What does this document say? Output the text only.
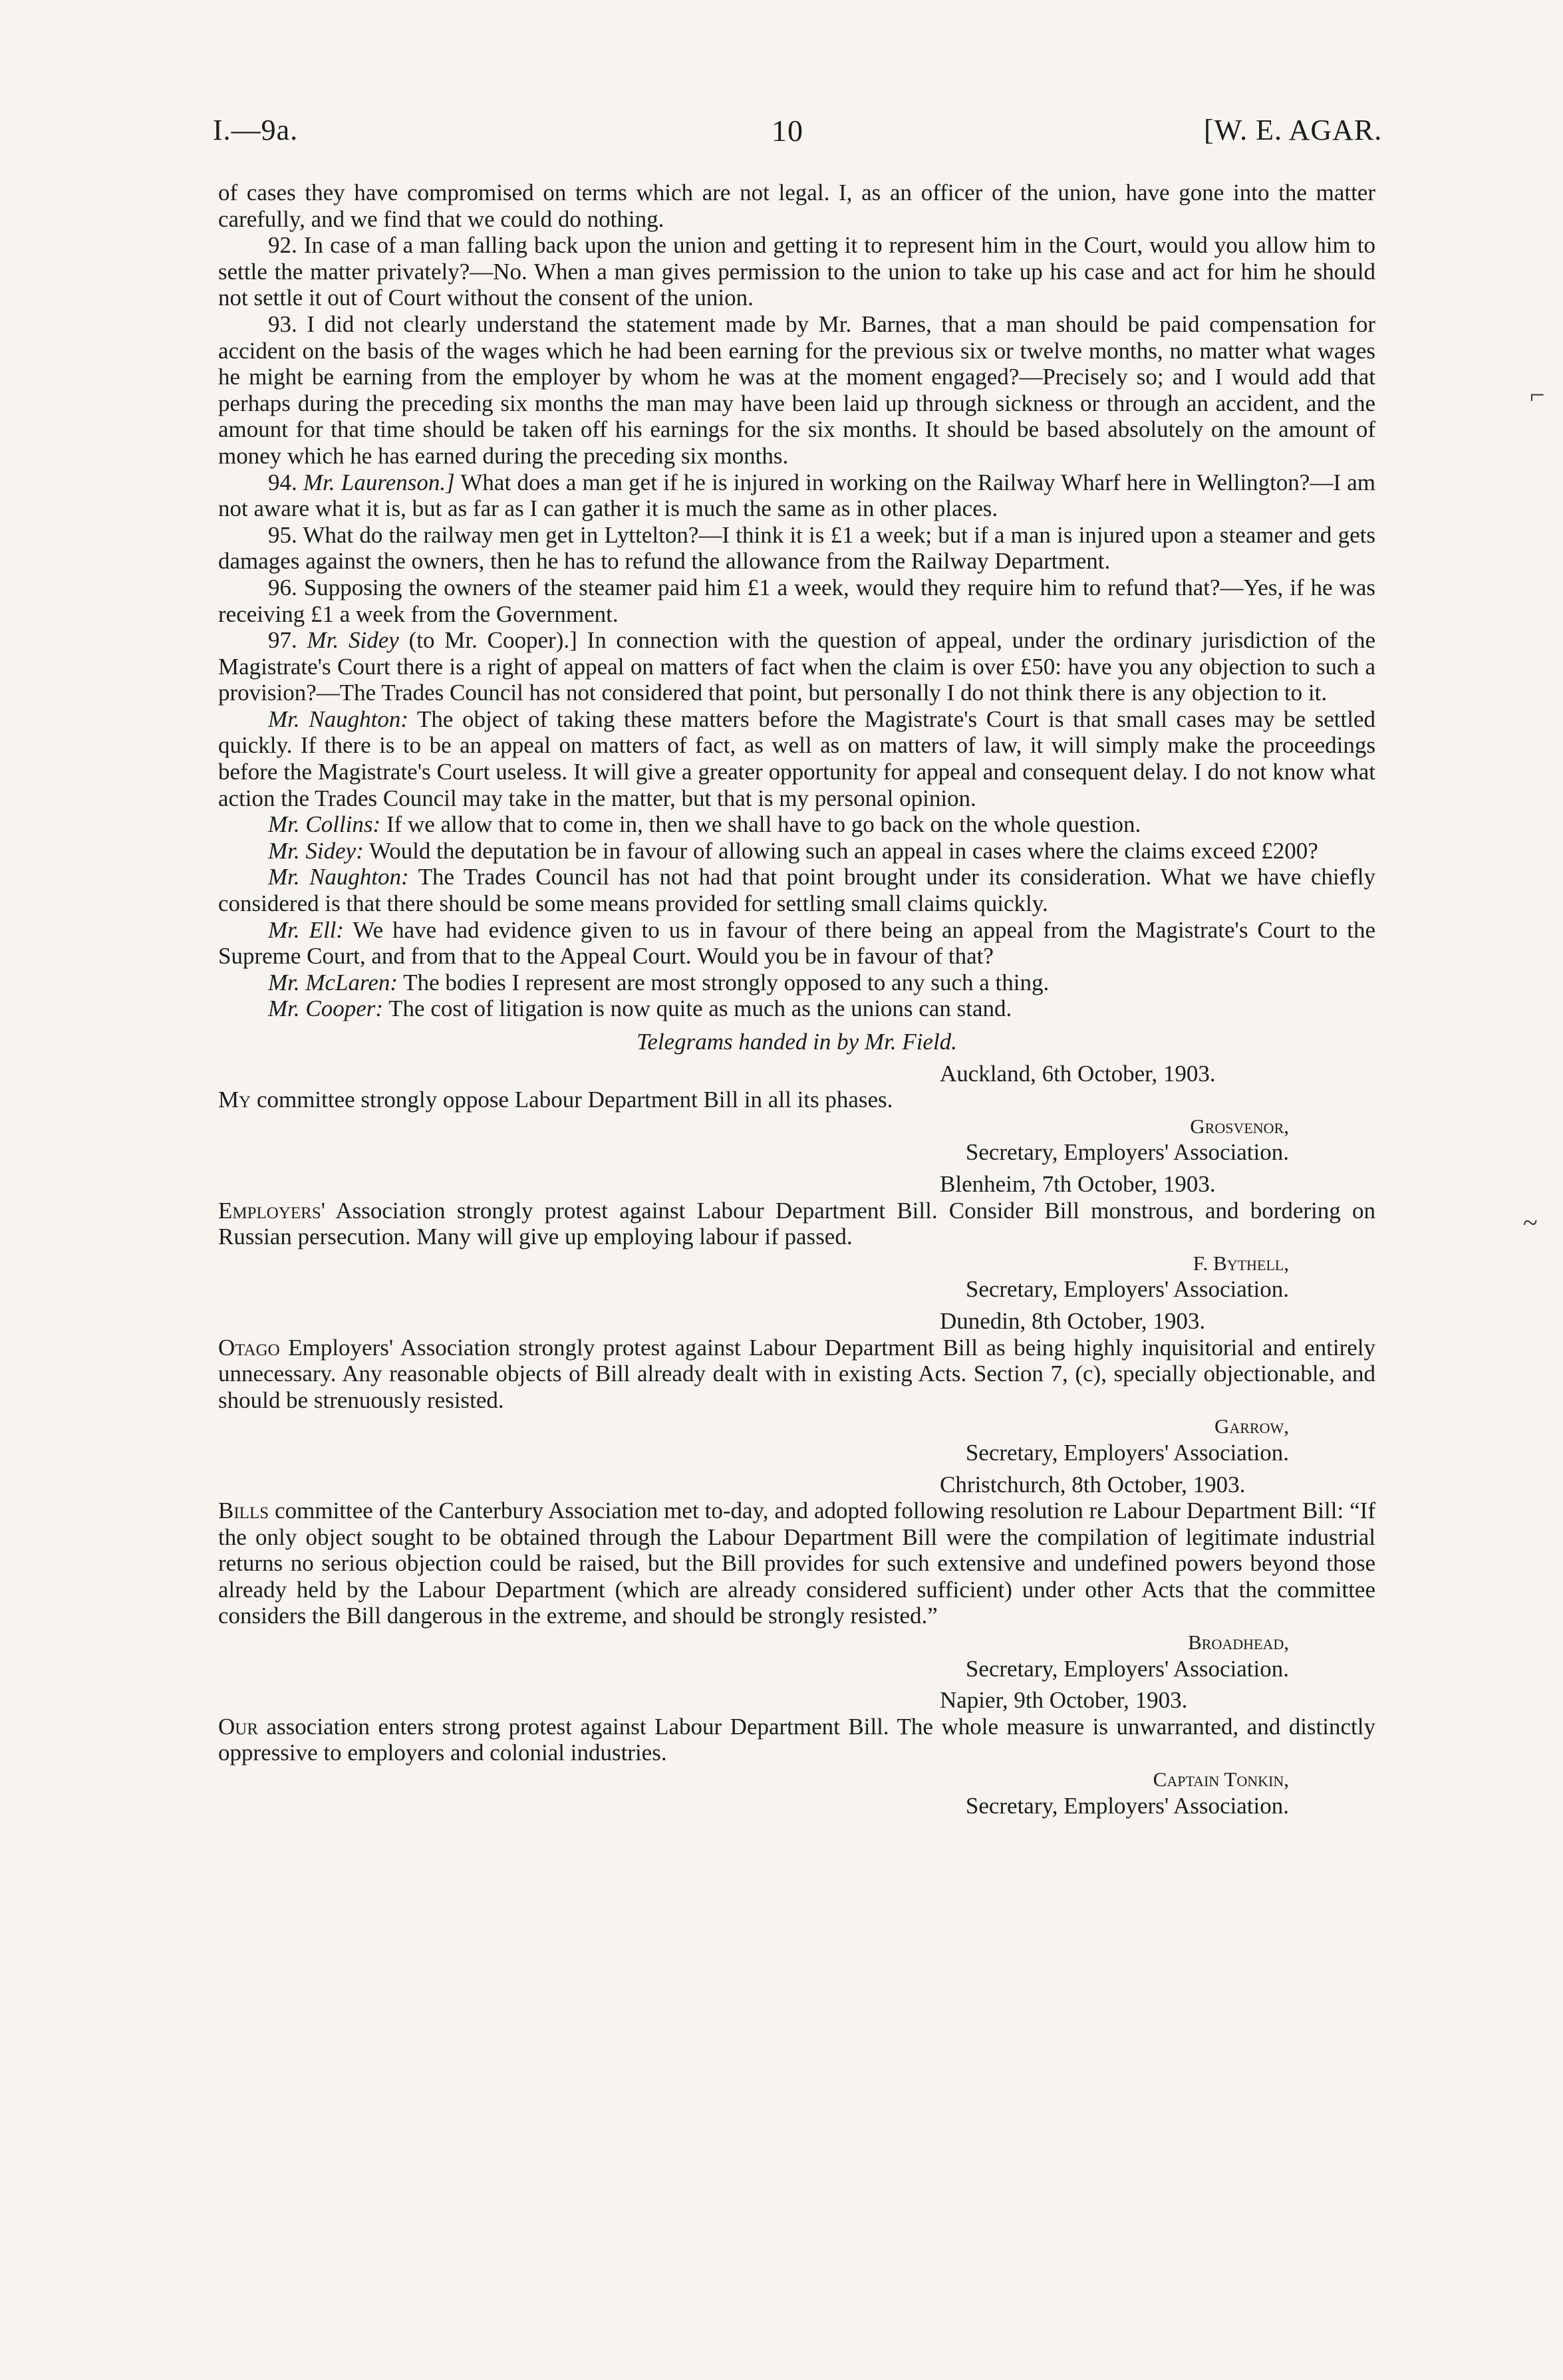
I.—9a.	10	[W. E. AGAR.
⌐
~

of cases they have compromised on terms which are not legal. I, as an officer of the union, have gone into the matter carefully, and we find that we could do nothing.

92. In case of a man falling back upon the union and getting it to represent him in the Court, would you allow him to settle the matter privately?—No. When a man gives permission to the union to take up his case and act for him he should not settle it out of Court without the consent of the union.

93. I did not clearly understand the statement made by Mr. Barnes, that a man should be paid compensation for accident on the basis of the wages which he had been earning for the previous six or twelve months, no matter what wages he might be earning from the employer by whom he was at the moment engaged?—Precisely so; and I would add that perhaps during the preceding six months the man may have been laid up through sickness or through an accident, and the amount for that time should be taken off his earnings for the six months. It should be based absolutely on the amount of money which he has earned during the preceding six months.

94. Mr. Laurenson.] What does a man get if he is injured in working on the Railway Wharf here in Wellington?—I am not aware what it is, but as far as I can gather it is much the same as in other places.

95. What do the railway men get in Lyttelton?—I think it is £1 a week; but if a man is injured upon a steamer and gets damages against the owners, then he has to refund the allowance from the Railway Department.

96. Supposing the owners of the steamer paid him £1 a week, would they require him to refund that?—Yes, if he was receiving £1 a week from the Government.

97. Mr. Sidey (to Mr. Cooper).] In connection with the question of appeal, under the ordinary jurisdiction of the Magistrate's Court there is a right of appeal on matters of fact when the claim is over £50: have you any objection to such a provision?—The Trades Council has not considered that point, but personally I do not think there is any objection to it.

Mr. Naughton: The object of taking these matters before the Magistrate's Court is that small cases may be settled quickly. If there is to be an appeal on matters of fact, as well as on matters of law, it will simply make the proceedings before the Magistrate's Court useless. It will give a greater opportunity for appeal and consequent delay. I do not know what action the Trades Council may take in the matter, but that is my personal opinion.

Mr. Collins: If we allow that to come in, then we shall have to go back on the whole question.

Mr. Sidey: Would the deputation be in favour of allowing such an appeal in cases where the claims exceed £200?

Mr. Naughton: The Trades Council has not had that point brought under its consideration. What we have chiefly considered is that there should be some means provided for settling small claims quickly.

Mr. Ell: We have had evidence given to us in favour of there being an appeal from the Magistrate's Court to the Supreme Court, and from that to the Appeal Court. Would you be in favour of that?

Mr. McLaren: The bodies I represent are most strongly opposed to any such a thing.

Mr. Cooper: The cost of litigation is now quite as much as the unions can stand.

Telegrams handed in by Mr. Field.

Auckland, 6th October, 1903.

My committee strongly oppose Labour Department Bill in all its phases.

Grosvenor,

Secretary, Employers' Association.

Blenheim, 7th October, 1903.

Employers' Association strongly protest against Labour Department Bill. Consider Bill monstrous, and bordering on Russian persecution. Many will give up employing labour if passed.

F. Bythell,

Secretary, Employers' Association.

Dunedin, 8th October, 1903.

Otago Employers' Association strongly protest against Labour Department Bill as being highly inquisitorial and entirely unnecessary. Any reasonable objects of Bill already dealt with in existing Acts. Section 7, (c), specially objectionable, and should be strenuously resisted.

Garrow,

Secretary, Employers' Association.

Christchurch, 8th October, 1903.

Bills committee of the Canterbury Association met to-day, and adopted following resolution re Labour Department Bill: “If the only object sought to be obtained through the Labour Department Bill were the compilation of legitimate industrial returns no serious objection could be raised, but the Bill provides for such extensive and undefined powers beyond those already held by the Labour Department (which are already considered sufficient) under other Acts that the committee considers the Bill dangerous in the extreme, and should be strongly resisted.”

Broadhead,

Secretary, Employers' Association.

Napier, 9th October, 1903.

Our association enters strong protest against Labour Department Bill. The whole measure is unwarranted, and distinctly oppressive to employers and colonial industries.

Captain Tonkin,

Secretary, Employers' Association.
